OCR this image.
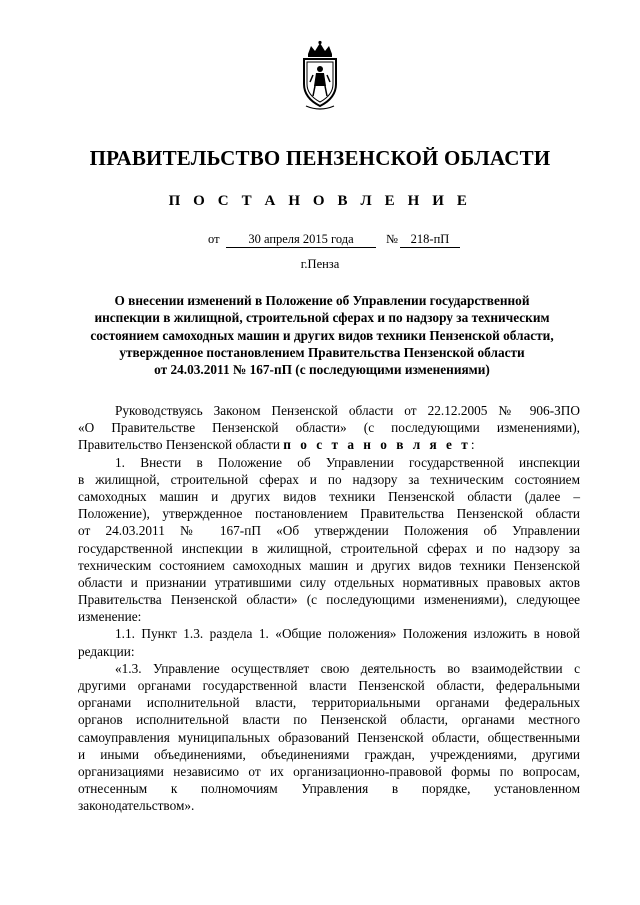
ПРАВИТЕЛЬСТВО ПЕНЗЕНСКОЙ ОБЛАСТИ
П О С Т А Н О В Л Е Н И Е
от	30 апреля 2015 года	№	218-пП
г.Пенза
О внесении изменений в Положение об Управлении государственной
инспекции в жилищной, строительной сферах и по надзору за техническим
состоянием самоходных машин и других видов техники Пензенской области,
утвержденное постановлением Правительства Пензенской области
от 24.03.2011 № 167-пП (с последующими изменениями)
Руководствуясь Законом Пензенской области от 22.12.2005 № 906-ЗПО
«О Правительстве Пензенской области» (с последующими изменениями),
Правительство Пензенской области п о с т а н о в л я е т:
1. Внести в Положение об Управлении государственной инспекции
в жилищной, строительной сферах и по надзору за техническим состоянием
самоходных машин и других видов техники Пензенской области (далее –
Положение), утвержденное постановлением Правительства Пензенской области
от 24.03.2011 № 167-пП «Об утверждении Положения об Управлении
государственной инспекции в жилищной, строительной сферах и по надзору за
техническим состоянием самоходных машин и других видов техники Пензенской
области и признании утратившими силу отдельных нормативных правовых актов
Правительства Пензенской области» (с последующими изменениями), следующее
изменение:
1.1. Пункт 1.3. раздела 1. «Общие положения» Положения изложить в новой
редакции:
«1.3. Управление осуществляет свою деятельность во взаимодействии с
другими органами государственной власти Пензенской области, федеральными
органами исполнительной власти, территориальными органами федеральных
органов исполнительной власти по Пензенской области, органами местного
самоуправления муниципальных образований Пензенской области, общественными
и иными объединениями, объединениями граждан, учреждениями, другими
организациями независимо от их организационно-правовой формы по вопросам,
отнесенным к полномочиям Управления в порядке, установленном
законодательством».
